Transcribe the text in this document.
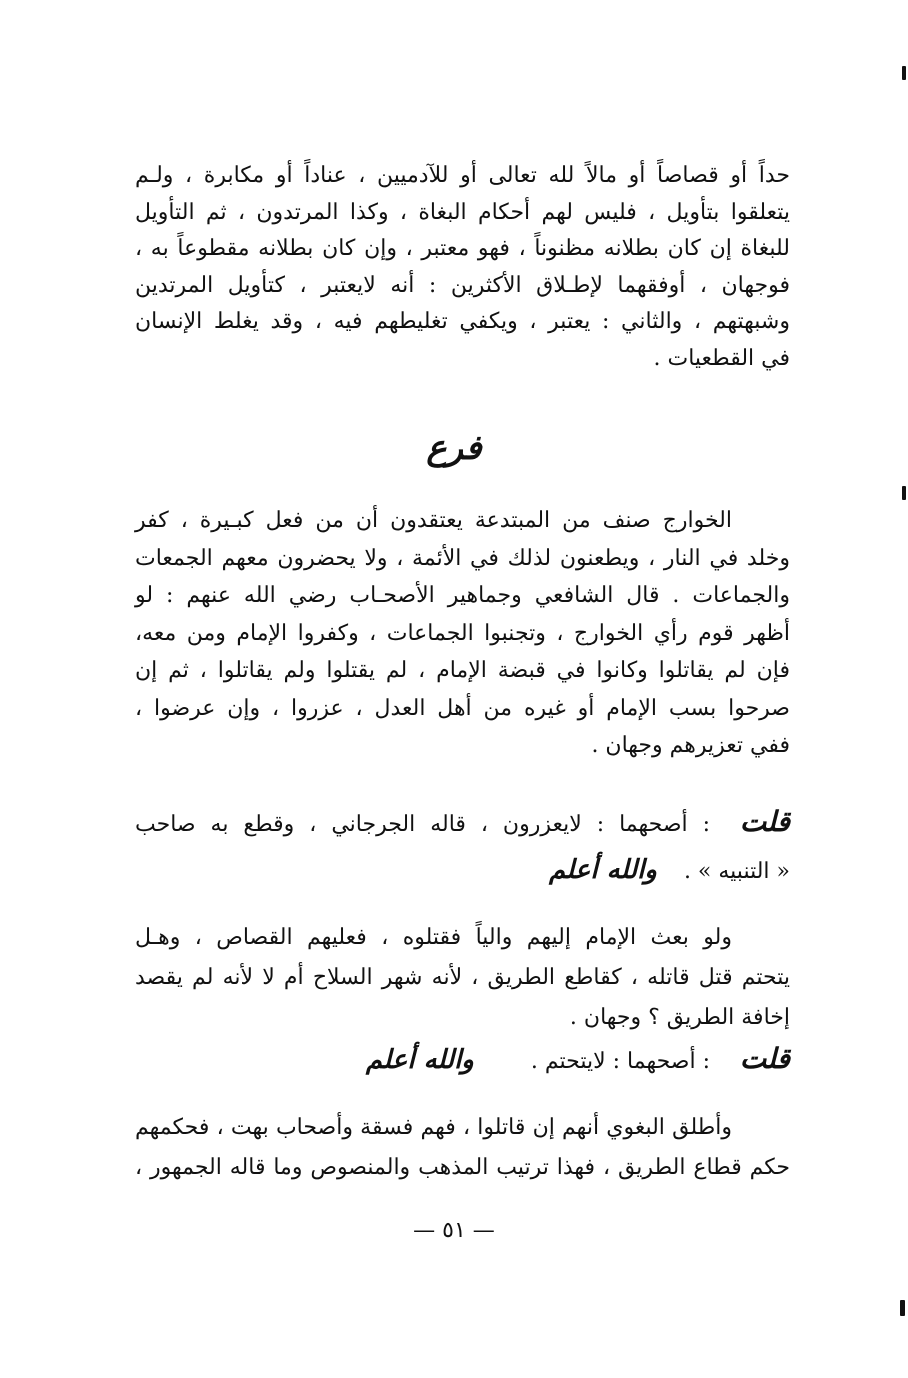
حداً أو قصاصاً أو مالاً لله تعالى أو للآدميين ، عناداً أو مكابرة ، ولـم
يتعلقوا بتأويل ، فليس لهم أحكام البغاة ، وكذا المرتدون ، ثم التأويل
للبغاة إن كان بطلانه مظنوناً ، فهو معتبر ، وإن كان بطلانه مقطوعاً به ،
فوجهان ، أوفقهما لإطـلاق الأكثرين : أنه لايعتبر ، كتأويل المرتدين
وشبهتهم ، والثاني : يعتبر ، ويكفي تغليطهم فيه ، وقد يغلط الإنسان
في القطعيات .
فرع
الخوارج صنف من المبتدعة يعتقدون أن من فعل كبـيرة ، كفر
وخلد في النار ، ويطعنون لذلك في الأئمة ، ولا يحضرون معهم الجمعات
والجماعات . قال الشافعي وجماهير الأصحـاب رضي الله عنهم : لو
أظهر قوم رأي الخوارج ، وتجنبوا الجماعات ، وكفروا الإمام ومن معه،
فإن لم يقاتلوا وكانوا في قبضة الإمام ، لم يقتلوا ولم يقاتلوا ، ثم إن
صرحوا بسب الإمام أو غيره من أهل العدل ، عزروا ، وإن عرضوا ،
ففي تعزيرهم وجهان .
قلت: أصحهما : لايعزرون ، قاله الجرجاني ، وقطع به صاحب
« التنبيه » . والله أعلم
ولو بعث الإمام إليهم والياً فقتلوه ، فعليهم القصاص ، وهـل
يتحتم قتل قاتله ، كقاطع الطريق ، لأنه شهر السلاح أم لا لأنه لم يقصد
إخافة الطريق ؟ وجهان .
قلت: أصحهما : لايتحتم . والله أعلم
وأطلق البغوي أنهم إن قاتلوا ، فهم فسقة وأصحاب بهت ، فحكمهم
حكم قطاع الطريق ، فهذا ترتيب المذهب والمنصوص وما قاله الجمهور ،
— ٥١ —
